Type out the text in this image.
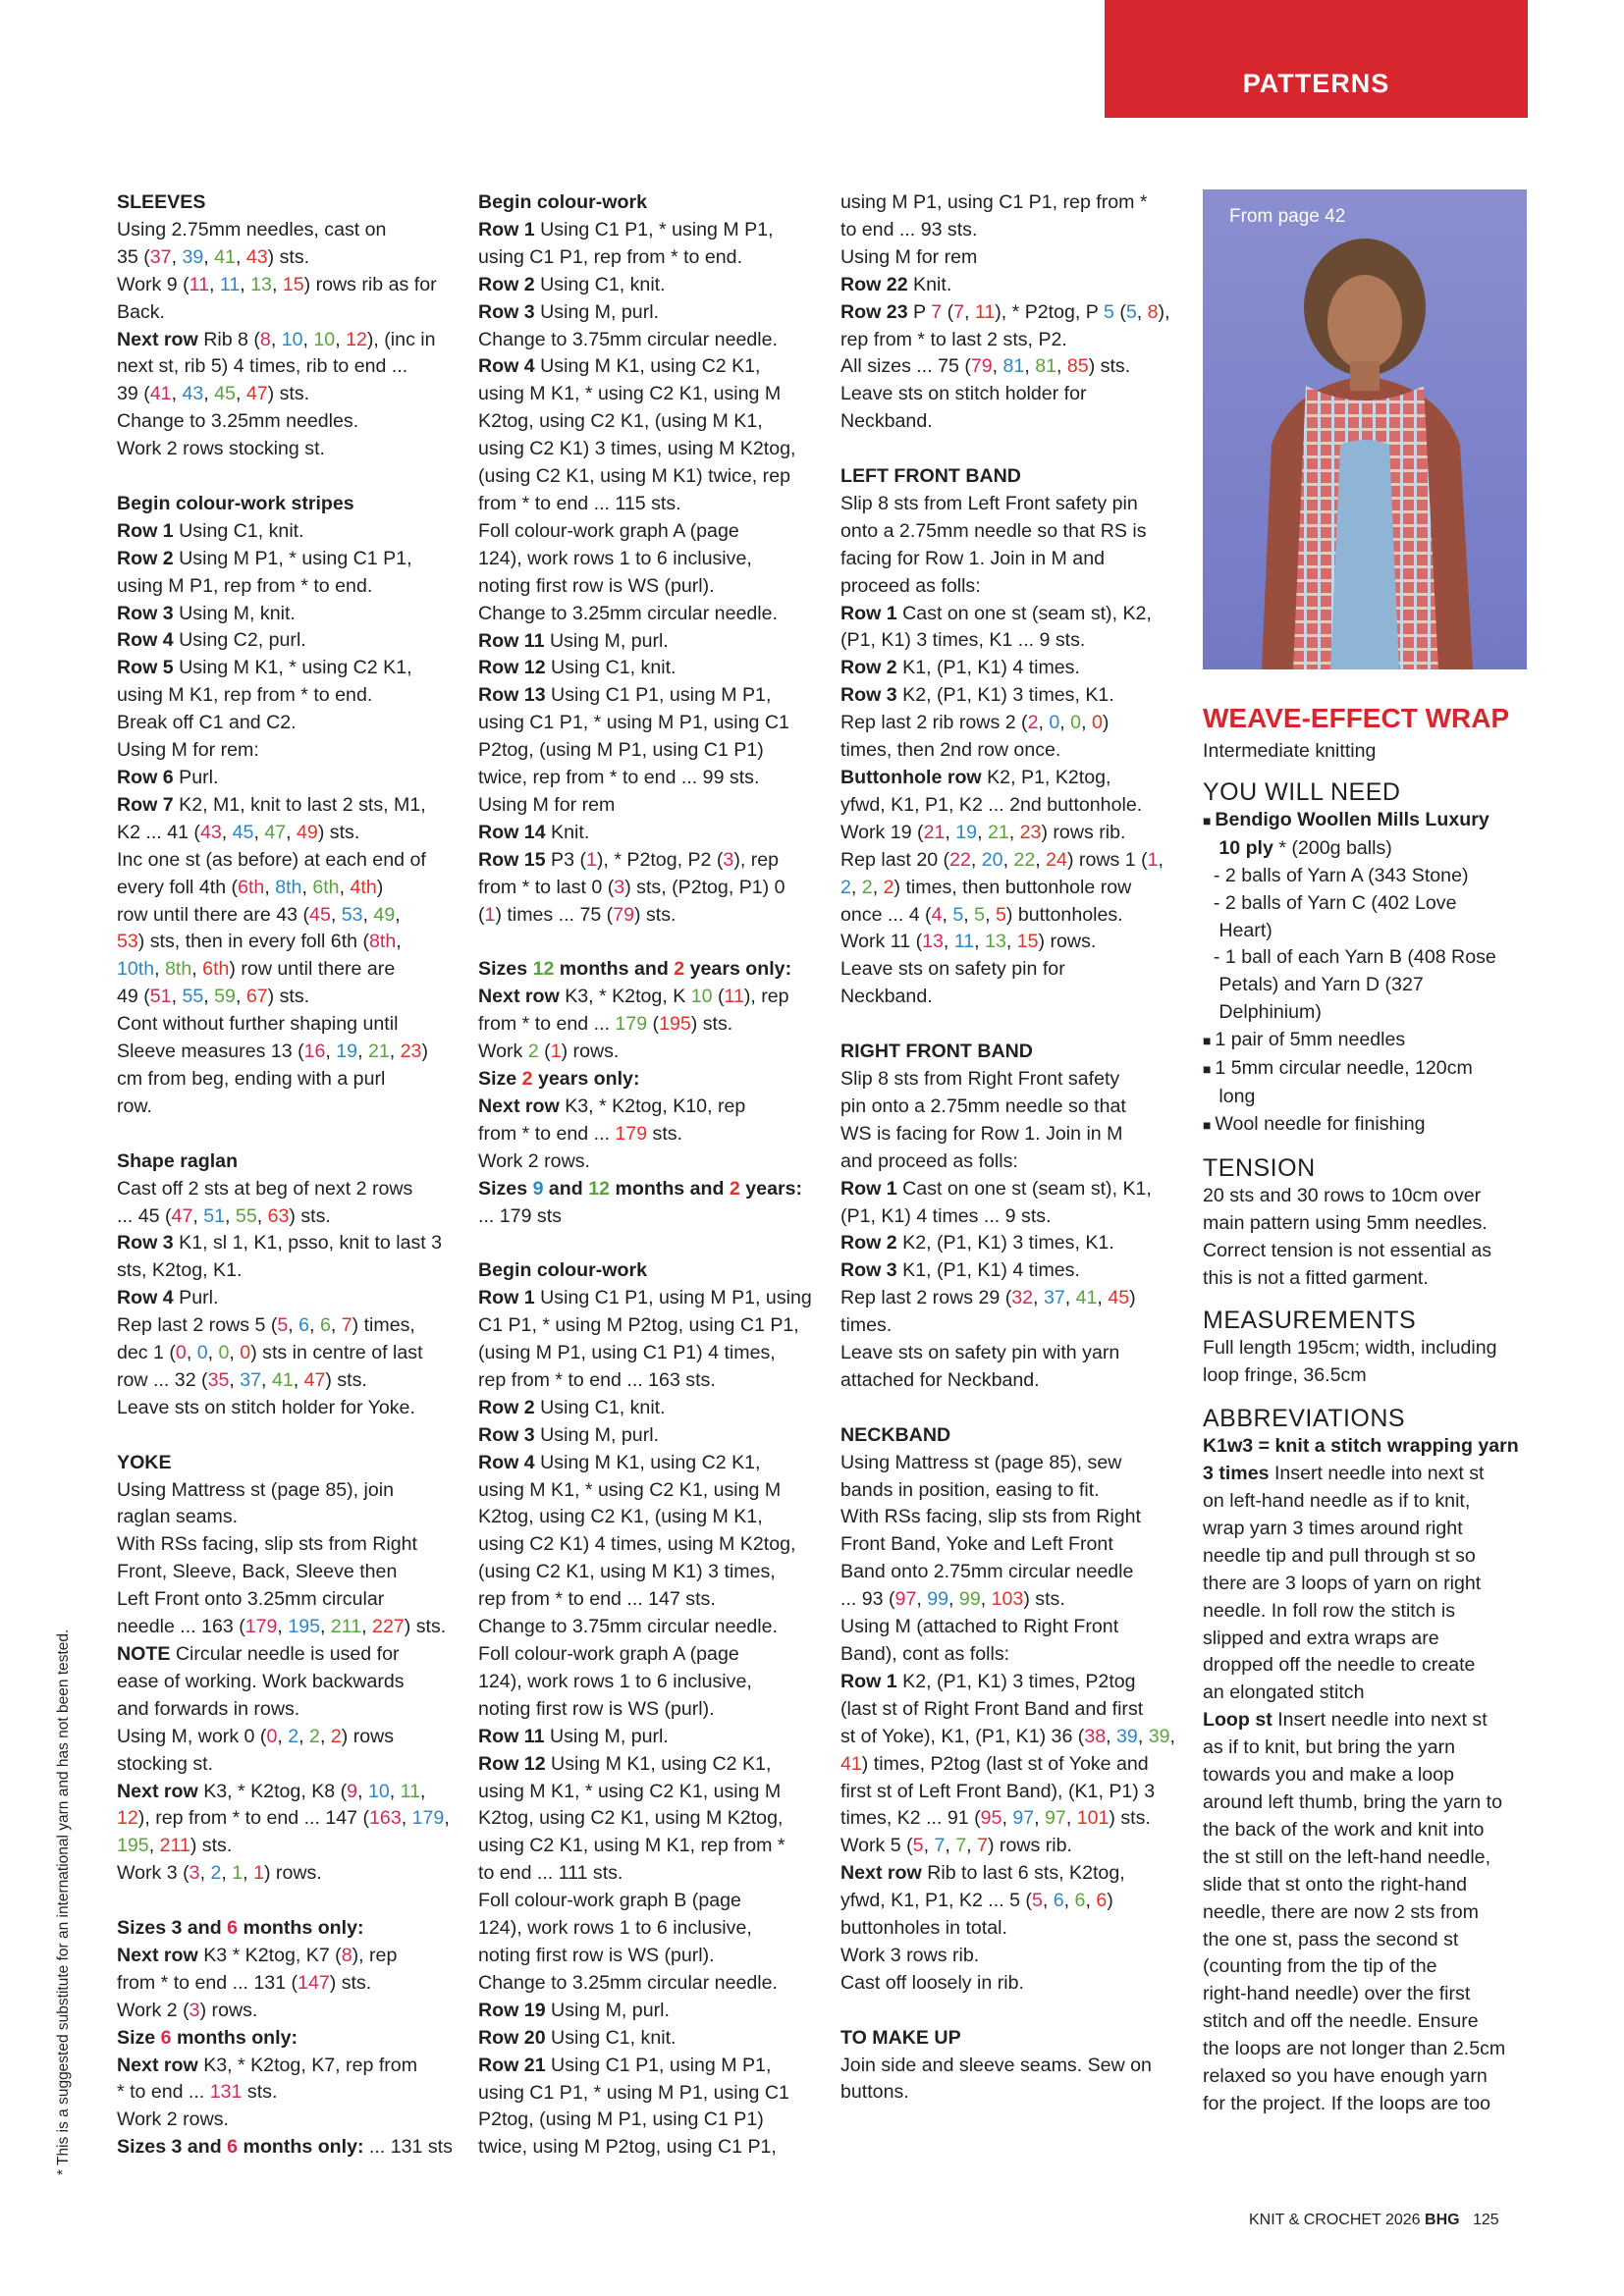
PATTERNS
SLEEVES
Using 2.75mm needles, cast on
35 (37, 39, 41, 43) sts.
Work 9 (11, 11, 13, 15) rows rib as for
Back.
Next row Rib 8 (8, 10, 10, 12), (inc in
next st, rib 5) 4 times, rib to end ...
39 (41, 43, 45, 47) sts.
Change to 3.25mm needles.
Work 2 rows stocking st.
Begin colour-work stripes
Row 1 Using C1, knit.
Row 2 Using M P1, * using C1 P1,
using M P1, rep from * to end.
Row 3 Using M, knit.
Row 4 Using C2, purl.
Row 5 Using M K1, * using C2 K1,
using M K1, rep from * to end.
Break off C1 and C2.
Using M for rem:
Row 6 Purl.
Row 7 K2, M1, knit to last 2 sts, M1,
K2 ... 41 (43, 45, 47, 49) sts.
Inc one st (as before) at each end of
every foll 4th (6th, 8th, 6th, 4th)
row until there are 43 (45, 53, 49,
53) sts, then in every foll 6th (8th,
10th, 8th, 6th) row until there are
49 (51, 55, 59, 67) sts.
Cont without further shaping until
Sleeve measures 13 (16, 19, 21, 23)
cm from beg, ending with a purl
row.
Shape raglan
Cast off 2 sts at beg of next 2 rows
... 45 (47, 51, 55, 63) sts.
Row 3 K1, sl 1, K1, psso, knit to last 3
sts, K2tog, K1.
Row 4 Purl.
Rep last 2 rows 5 (5, 6, 6, 7) times,
dec 1 (0, 0, 0, 0) sts in centre of last
row ... 32 (35, 37, 41, 47) sts.
Leave sts on stitch holder for Yoke.
YOKE
Using Mattress st (page 85), join
raglan seams.
With RSs facing, slip sts from Right
Front, Sleeve, Back, Sleeve then
Left Front onto 3.25mm circular
needle ... 163 (179, 195, 211, 227) sts.
NOTE Circular needle is used for
ease of working. Work backwards
and forwards in rows.
Using M, work 0 (0, 2, 2, 2) rows
stocking st.
Next row K3, * K2tog, K8 (9, 10, 11,
12), rep from * to end ... 147 (163, 179,
195, 211) sts.
Work 3 (3, 2, 1, 1) rows.
Sizes 3 and 6 months only:
Next row K3 * K2tog, K7 (8), rep
from * to end ... 131 (147) sts.
Work 2 (3) rows.
Size 6 months only:
Next row K3, * K2tog, K7, rep from
* to end ... 131 sts.
Work 2 rows.
Sizes 3 and 6 months only: ... 131 sts
Begin colour-work
Row 1 Using C1 P1, * using M P1,
using C1 P1, rep from * to end.
Row 2 Using C1, knit.
Row 3 Using M, purl.
Change to 3.75mm circular needle.
Row 4 Using M K1, using C2 K1,
using M K1, * using C2 K1, using M
K2tog, using C2 K1, (using M K1,
using C2 K1) 3 times, using M K2tog,
(using C2 K1, using M K1) twice, rep
from * to end ... 115 sts.
Foll colour-work graph A (page
124), work rows 1 to 6 inclusive,
noting first row is WS (purl).
Change to 3.25mm circular needle.
Row 11 Using M, purl.
Row 12 Using C1, knit.
Row 13 Using C1 P1, using M P1,
using C1 P1, * using M P1, using C1
P2tog, (using M P1, using C1 P1)
twice, rep from * to end ... 99 sts.
Using M for rem
Row 14 Knit.
Row 15 P3 (1), * P2tog, P2 (3), rep
from * to last 0 (3) sts, (P2tog, P1) 0
(1) times ... 75 (79) sts.
Sizes 12 months and 2 years only:
Next row K3, * K2tog, K 10 (11), rep
from * to end ... 179 (195) sts.
Work 2 (1) rows.
Size 2 years only:
Next row K3, * K2tog, K10, rep
from * to end ... 179 sts.
Work 2 rows.
Sizes 9 and 12 months and 2 years:
... 179 sts
Begin colour-work
Row 1 Using C1 P1, using M P1, using
C1 P1, * using M P2tog, using C1 P1,
(using M P1, using C1 P1) 4 times,
rep from * to end ... 163 sts.
Row 2 Using C1, knit.
Row 3 Using M, purl.
Row 4 Using M K1, using C2 K1,
using M K1, * using C2 K1, using M
K2tog, using C2 K1, (using M K1,
using C2 K1) 4 times, using M K2tog,
(using C2 K1, using M K1) 3 times,
rep from * to end ... 147 sts.
Change to 3.75mm circular needle.
Foll colour-work graph A (page
124), work rows 1 to 6 inclusive,
noting first row is WS (purl).
Row 11 Using M, purl.
Row 12 Using M K1, using C2 K1,
using M K1, * using C2 K1, using M
K2tog, using C2 K1, using M K2tog,
using C2 K1, using M K1, rep from *
to end ... 111 sts.
Foll colour-work graph B (page
124), work rows 1 to 6 inclusive,
noting first row is WS (purl).
Change to 3.25mm circular needle.
Row 19 Using M, purl.
Row 20 Using C1, knit.
Row 21 Using C1 P1, using M P1,
using C1 P1, * using M P1, using C1
P2tog, (using M P1, using C1 P1)
twice, using M P2tog, using C1 P1,
using M P1, using C1 P1, rep from *
to end ... 93 sts.
Using M for rem
Row 22 Knit.
Row 23 P 7 (7, 11), * P2tog, P 5 (5, 8),
rep from * to last 2 sts, P2.
All sizes ... 75 (79, 81, 81, 85) sts.
Leave sts on stitch holder for
Neckband.
LEFT FRONT BAND
Slip 8 sts from Left Front safety pin
onto a 2.75mm needle so that RS is
facing for Row 1. Join in M and
proceed as folls:
Row 1 Cast on one st (seam st), K2,
(P1, K1) 3 times, K1 ... 9 sts.
Row 2 K1, (P1, K1) 4 times.
Row 3 K2, (P1, K1) 3 times, K1.
Rep last 2 rib rows 2 (2, 0, 0, 0)
times, then 2nd row once.
Buttonhole row K2, P1, K2tog,
yfwd, K1, P1, K2 ... 2nd buttonhole.
Work 19 (21, 19, 21, 23) rows rib.
Rep last 20 (22, 20, 22, 24) rows 1 (1,
2, 2, 2) times, then buttonhole row
once ... 4 (4, 5, 5, 5) buttonholes.
Work 11 (13, 11, 13, 15) rows.
Leave sts on safety pin for
Neckband.
RIGHT FRONT BAND
Slip 8 sts from Right Front safety
pin onto a 2.75mm needle so that
WS is facing for Row 1. Join in M
and proceed as folls:
Row 1 Cast on one st (seam st), K1,
(P1, K1) 4 times ... 9 sts.
Row 2 K2, (P1, K1) 3 times, K1.
Row 3 K1, (P1, K1) 4 times.
Rep last 2 rows 29 (32, 37, 41, 45)
times.
Leave sts on safety pin with yarn
attached for Neckband.
NECKBAND
Using Mattress st (page 85), sew
bands in position, easing to fit.
With RSs facing, slip sts from Right
Front Band, Yoke and Left Front
Band onto 2.75mm circular needle
... 93 (97, 99, 99, 103) sts.
Using M (attached to Right Front
Band), cont as folls:
Row 1 K2, (P1, K1) 3 times, P2tog
(last st of Right Front Band and first
st of Yoke), K1, (P1, K1) 36 (38, 39, 39,
41) times, P2tog (last st of Yoke and
first st of Left Front Band), (K1, P1) 3
times, K2 ... 91 (95, 97, 97, 101) sts.
Work 5 (5, 7, 7, 7) rows rib.
Next row Rib to last 6 sts, K2tog,
yfwd, K1, P1, K2 ... 5 (5, 6, 6, 6)
buttonholes in total.
Work 3 rows rib.
Cast off loosely in rib.
TO MAKE UP
Join side and sleeve seams. Sew on
buttons.
From page 42
WEAVE-EFFECT WRAP
Intermediate knitting
YOU WILL NEED
■ Bendigo Woollen Mills Luxury
10 ply * (200g balls)
- 2 balls of Yarn A (343 Stone)
- 2 balls of Yarn C (402 Love
Heart)
- 1 ball of each Yarn B (408 Rose
Petals) and Yarn D (327
Delphinium)
■ 1 pair of 5mm needles
■ 1 5mm circular needle, 120cm
long
■ Wool needle for finishing
TENSION
20 sts and 30 rows to 10cm over
main pattern using 5mm needles.
Correct tension is not essential as
this is not a fitted garment.
MEASUREMENTS
Full length 195cm; width, including
loop fringe, 36.5cm
ABBREVIATIONS
K1w3 = knit a stitch wrapping yarn
3 times Insert needle into next st
on left-hand needle as if to knit,
wrap yarn 3 times around right
needle tip and pull through st so
there are 3 loops of yarn on right
needle. In foll row the stitch is
slipped and extra wraps are
dropped off the needle to create
an elongated stitch
Loop st Insert needle into next st
as if to knit, but bring the yarn
towards you and make a loop
around left thumb, bring the yarn to
the back of the work and knit into
the st still on the left-hand needle,
slide that st onto the right-hand
needle, there are now 2 sts from
the one st, pass the second st
(counting from the tip of the
right-hand needle) over the first
stitch and off the needle. Ensure
the loops are not longer than 2.5cm
relaxed so you have enough yarn
for the project. If the loops are too
* This is a suggested substitute for an international yarn and has not been tested.
KNIT & CROCHET 2026 BHG 125
